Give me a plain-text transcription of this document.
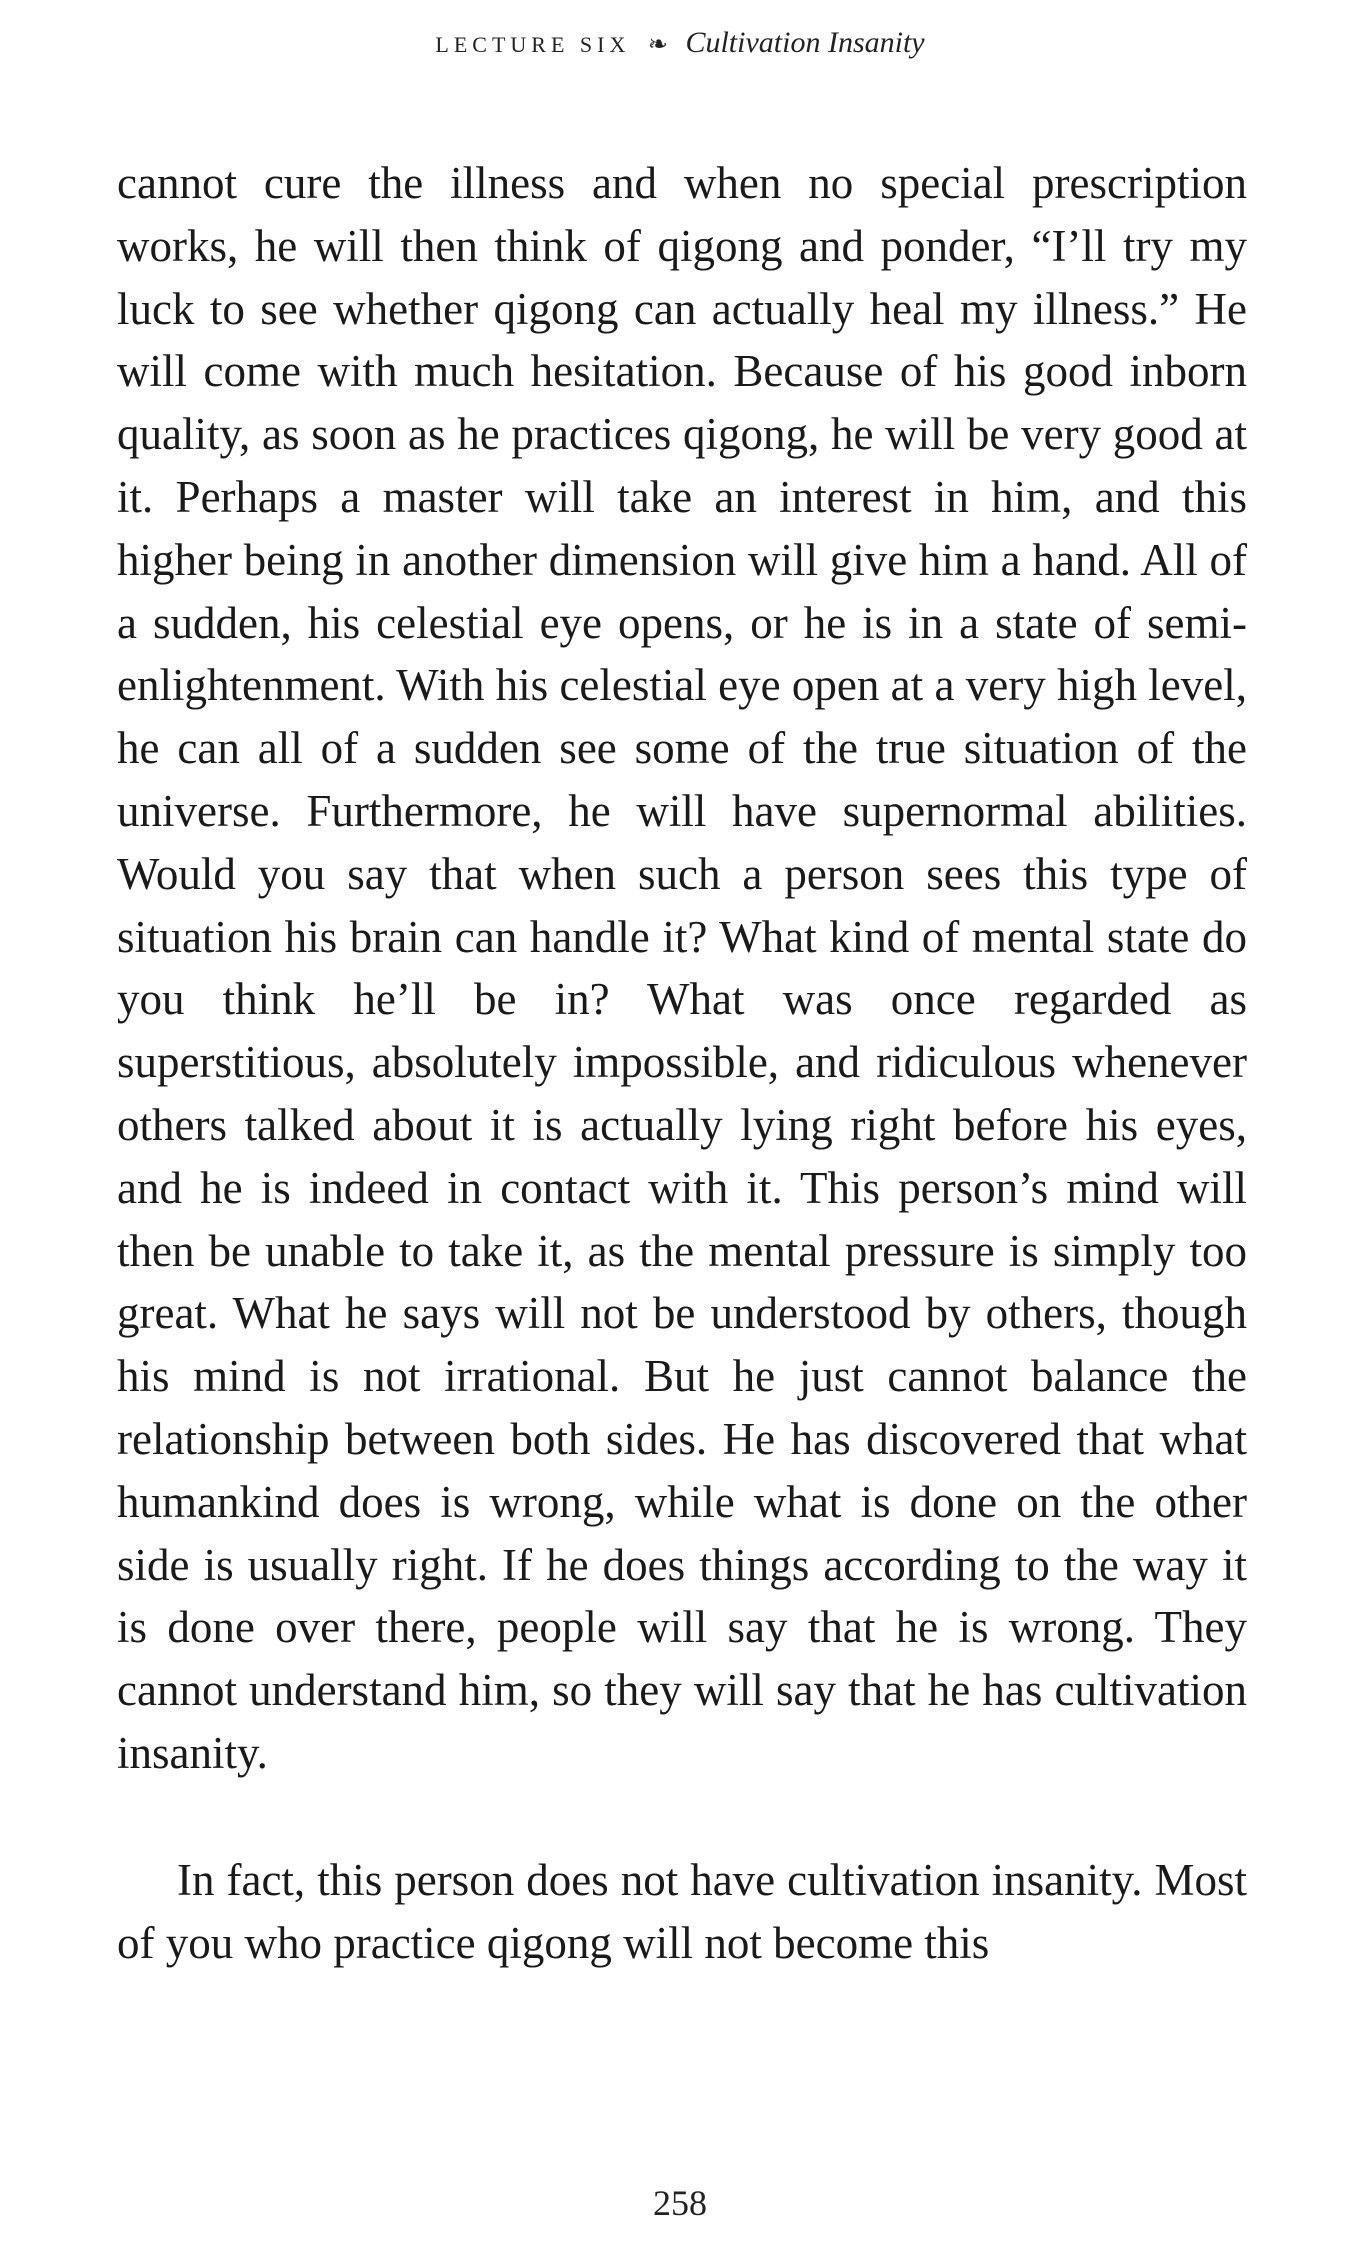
LECTURE SIX ❧ Cultivation Insanity

cannot cure the illness and when no special prescription works, he will then think of qigong and ponder, “I’ll try my luck to see whether qigong can actually heal my illness.” He will come with much hesitation. Because of his good inborn quality, as soon as he practices qigong, he will be very good at it. Perhaps a master will take an interest in him, and this higher being in another dimension will give him a hand. All of a sudden, his celestial eye opens, or he is in a state of semi-enlightenment. With his celestial eye open at a very high level, he can all of a sudden see some of the true situation of the universe. Furthermore, he will have supernormal abilities. Would you say that when such a person sees this type of situation his brain can handle it? What kind of mental state do you think he’ll be in? What was once regarded as superstitious, absolutely impossible, and ridiculous whenever others talked about it is actually lying right before his eyes, and he is indeed in contact with it. This person’s mind will then be unable to take it, as the mental pressure is simply too great. What he says will not be understood by others, though his mind is not irrational. But he just cannot balance the relationship between both sides. He has discovered that what humankind does is wrong, while what is done on the other side is usually right. If he does things according to the way it is done over there, people will say that he is wrong. They cannot understand him, so they will say that he has cultivation insanity.

In fact, this person does not have cultivation insanity. Most of you who practice qigong will not become this

258
